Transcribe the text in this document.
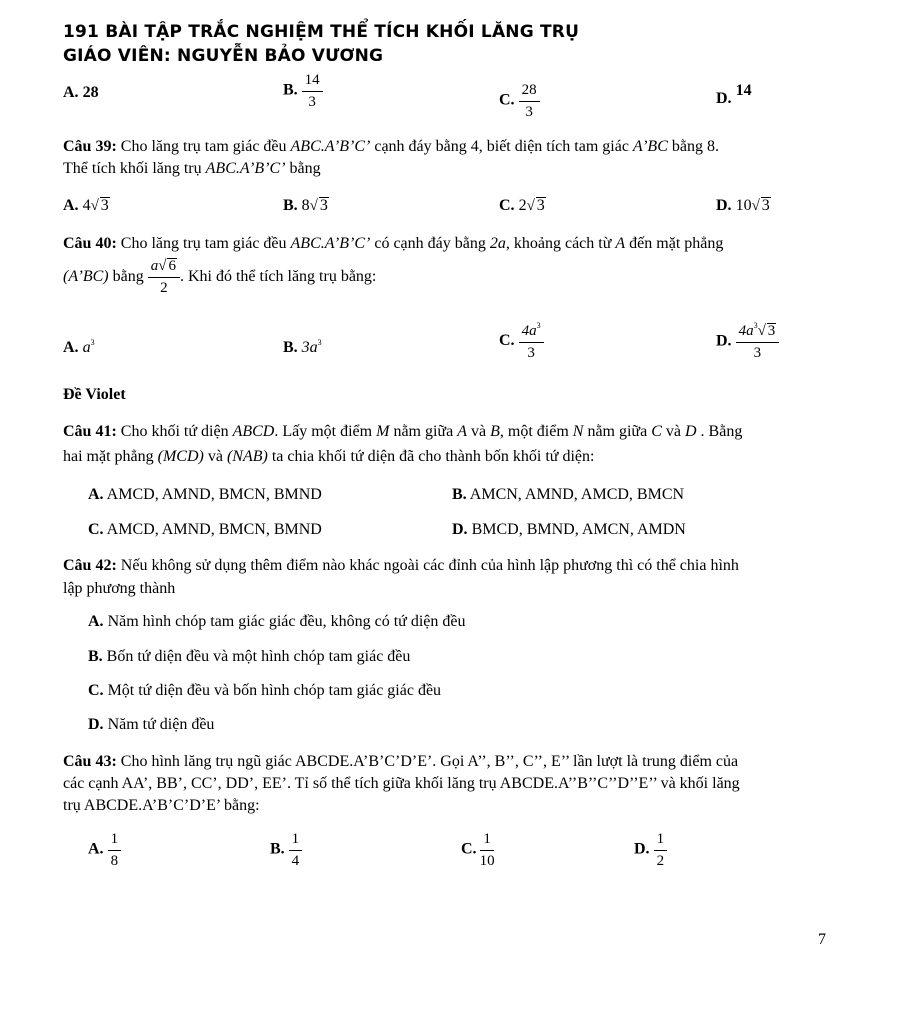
191 BÀI TẬP TRẮC NGHIỆM THỂ TÍCH KHỐI LĂNG TRỤ
GIÁO VIÊN: NGUYỄN BẢO VƯƠNG
A. 28	B. $\frac{14}{3}$	C. $\frac{28}{3}$	D. 14
Câu 39: Cho lăng trụ tam giác đều ABC.A’B’C’ cạnh đáy bằng 4, biết diện tích tam giác A’BC bằng 8.
Thể tích khối lăng trụ ABC.A’B’C’ bằng
A. 4√ 3	B. 8√ 3	C. 2√ 3	D. 10√ 3
Câu 40: Cho lăng trụ tam giác đều ABC.A’B’C’ có cạnh đáy bằng 2a, khoảng cách từ A đến mặt phẳng
(A’BC) bằng $\frac{a√ 6}{2}$ . Khi đó thể tích lăng trụ bằng:
A. $a^3$	B. $3a^3$	C. $\frac{4a^3}{3}$	D. $\frac{4a^3√ 3}{3}$
Đề Violet
Câu 41: Cho khối tứ diện ABCD. Lấy một điểm M nằm giữa A và B, một điểm N nằm giữa C và D . Bằng
hai mặt phẳng (MCD) và (NAB) ta chia khối tứ diện đã cho thành bốn khối tứ diện:
A. AMCD, AMND, BMCN, BMND	B. AMCN, AMND, AMCD, BMCN
C. AMCD, AMND, BMCN, BMND	D. BMCD, BMND, AMCN, AMDN
Câu 42: Nếu không sử dụng thêm điểm nào khác ngoài các đỉnh của hình lập phương thì có thể chia hình
lập phương thành
A. Năm hình chóp tam giác giác đều, không có tứ diện đều
B. Bốn tứ diện đều và một hình chóp tam giác đều
C. Một tứ diện đều và bốn hình chóp tam giác giác đều
D. Năm tứ diện đều
Câu 43: Cho hình lăng trụ ngũ giác ABCDE.A’B’C’D’E’. Gọi A’’, B’’, C’’, E’’ lần lượt là trung điểm của
các cạnh AA’, BB’, CC’, DD’, EE’. Tỉ số thể tích giữa khối lăng trụ ABCDE.A’’B’’C’’D’’E’’ và khối lăng
trụ ABCDE.A’B’C’D’E’ bằng:
A. $\frac{1}{8}$	B. $\frac{1}{4}$	C. $\frac{1}{10}$	D. $\frac{1}{2}$
7
